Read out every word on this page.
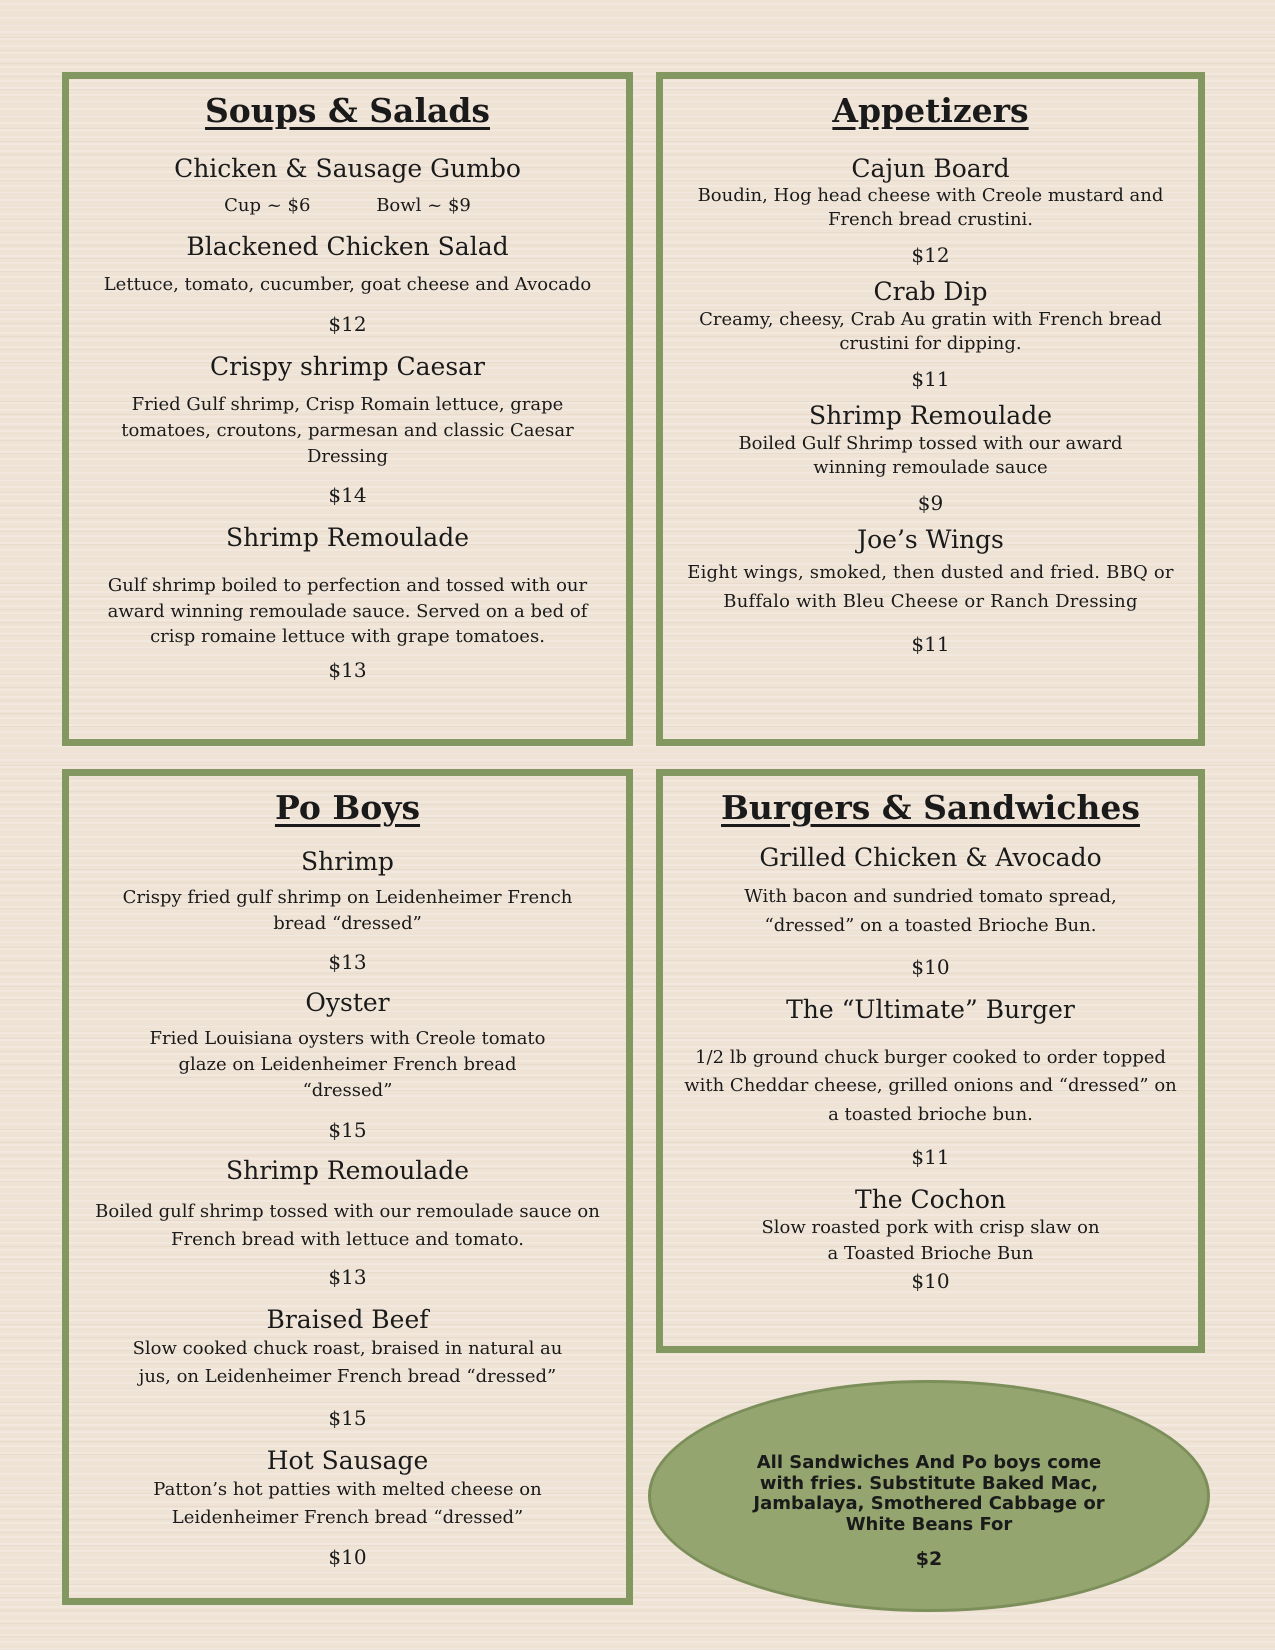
Soups & Salads

Chicken & Sausage Gumbo

Cup ~ $6	Bowl ~ $9

Blackened Chicken Salad

Lettuce, tomato, cucumber, goat cheese and Avocado

$12

Crispy shrimp Caesar

Fried Gulf shrimp, Crisp Romain lettuce, grape tomatoes, croutons, parmesan and classic Caesar Dressing

$14

Shrimp Remoulade

Gulf shrimp boiled to perfection and tossed with our award winning remoulade sauce. Served on a bed of crisp romaine lettuce with grape tomatoes.

$13

Appetizers

Cajun Board

Boudin, Hog head cheese with Creole mustard and French bread crustini.

$12

Crab Dip

Creamy, cheesy, Crab Au gratin with French bread crustini for dipping.

$11

Shrimp Remoulade

Boiled Gulf Shrimp tossed with our award winning remoulade sauce

$9

Joe’s Wings

Eight wings, smoked, then dusted and fried. BBQ or Buffalo with Bleu Cheese or Ranch Dressing

$11

Po Boys

Shrimp

Crispy fried gulf shrimp on Leidenheimer French bread “dressed”

$13

Oyster

Fried Louisiana oysters with Creole tomato glaze on Leidenheimer French bread “dressed”

$15

Shrimp Remoulade

Boiled gulf shrimp tossed with our remoulade sauce on French bread with lettuce and tomato.

$13

Braised Beef

Slow cooked chuck roast, braised in natural au jus, on Leidenheimer French bread “dressed”

$15

Hot Sausage

Patton’s hot patties with melted cheese on Leidenheimer French bread “dressed”

$10

Burgers & Sandwiches

Grilled Chicken & Avocado

With bacon and sundried tomato spread, “dressed” on a toasted Brioche Bun.

$10

The “Ultimate” Burger

1/2 lb ground chuck burger cooked to order topped with Cheddar cheese, grilled onions and “dressed” on a toasted brioche bun.

$11

The Cochon

Slow roasted pork with crisp slaw on a Toasted Brioche Bun

$10

All Sandwiches And Po boys come with fries. Substitute Baked Mac, Jambalaya, Smothered Cabbage or White Beans For

$2
